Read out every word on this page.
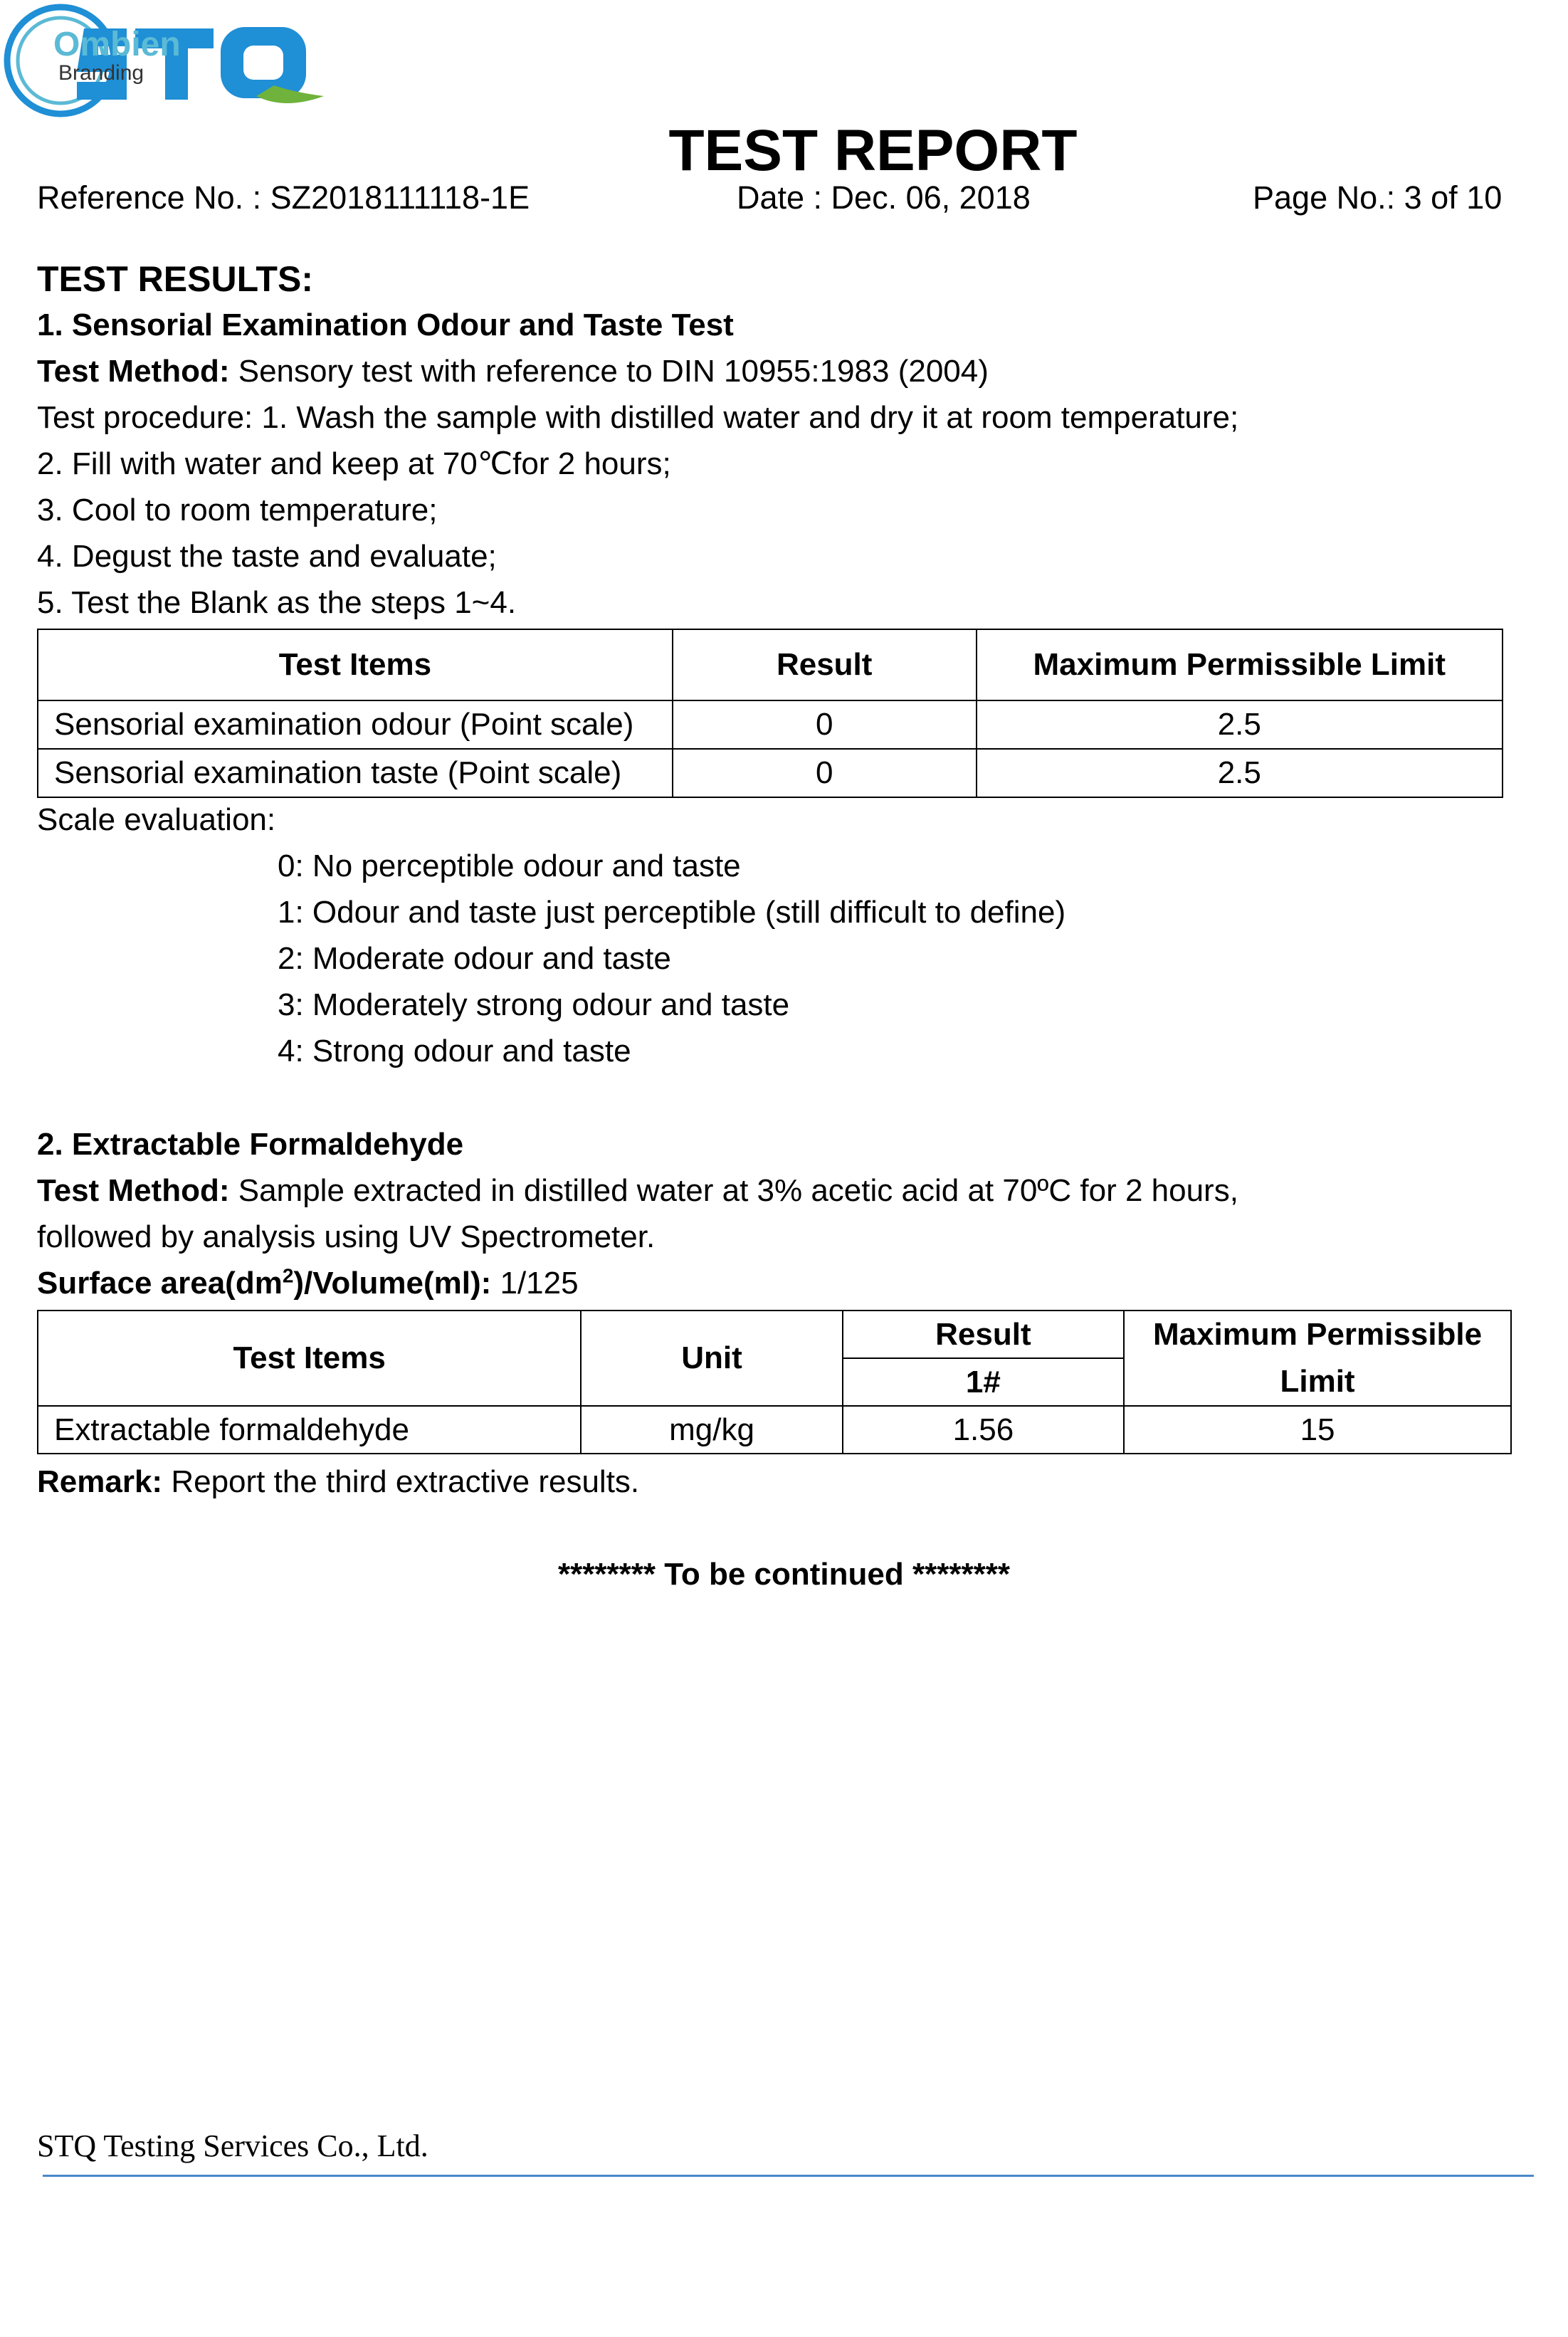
Ombien
Branding
TEST REPORT
Reference No. : SZ2018111118-1E	Date : Dec. 06, 2018	Page No.: 3 of 10
TEST RESULTS:
1. Sensorial Examination Odour and Taste Test
Test Method: Sensory test with reference to DIN 10955:1983 (2004)
Test procedure: 1. Wash the sample with distilled water and dry it at room temperature;
2. Fill with water and keep at 70℃for 2 hours;
3. Cool to room temperature;
4. Degust the taste and evaluate;
5. Test the Blank as the steps 1~4.
Test Items	Result	Maximum Permissible Limit
Sensorial examination odour (Point scale)	0	2.5
Sensorial examination taste (Point scale)	0	2.5
Scale evaluation:
0: No perceptible odour and taste
1: Odour and taste just perceptible (still difficult to define)
2: Moderate odour and taste
3: Moderately strong odour and taste
4: Strong odour and taste
2. Extractable Formaldehyde
Test Method: Sample extracted in distilled water at 3% acetic acid at 70ºC for 2 hours,
followed by analysis using UV Spectrometer.
Surface $area(dm^2)/Volume(ml)$: 1/125
Test Items	Unit	Result	Maximum Permissible
Limit

		1#	
Extractable formaldehyde	mg/kg	1.56	15
Remark: Report the third extractive results.
******** To be continued ********
STQ Testing Services Co., Ltd.
